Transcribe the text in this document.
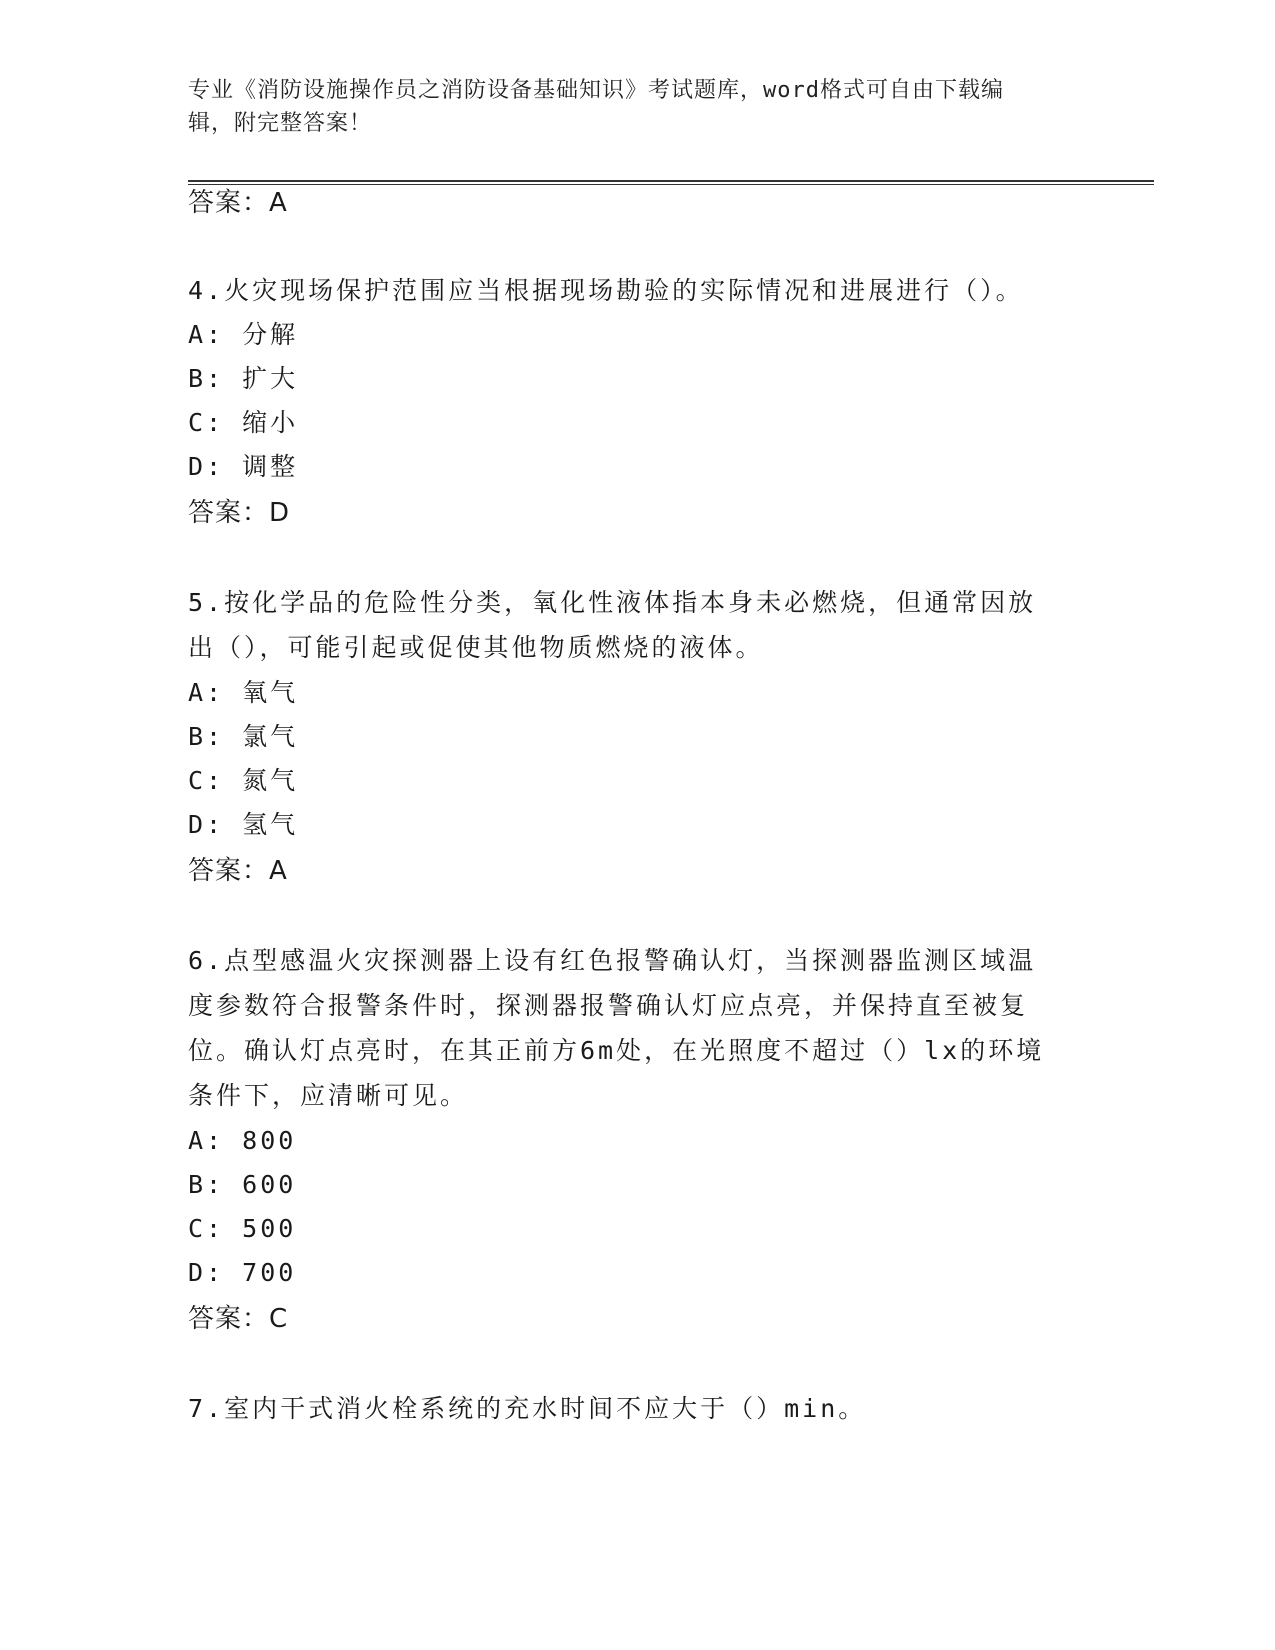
专业《消防设施操作员之消防设备基础知识》考试题库，word格式可自由下载编
辑，附完整答案！
答案：A
4.火灾现场保护范围应当根据现场勘验的实际情况和进展进行（）。
A: 分解
B: 扩大
C: 缩小
D: 调整
答案：D
5.按化学品的危险性分类，氧化性液体指本身未必燃烧，但通常因放
出（），可能引起或促使其他物质燃烧的液体。
A: 氧气
B: 氯气
C: 氮气
D: 氢气
答案：A
6.点型感温火灾探测器上设有红色报警确认灯，当探测器监测区域温
度参数符合报警条件时，探测器报警确认灯应点亮，并保持直至被复
位。确认灯点亮时，在其正前方6m处，在光照度不超过（）lx的环境
条件下，应清晰可见。
A: 800
B: 600
C: 500
D: 700
答案：C
7.室内干式消火栓系统的充水时间不应大于（）min。
